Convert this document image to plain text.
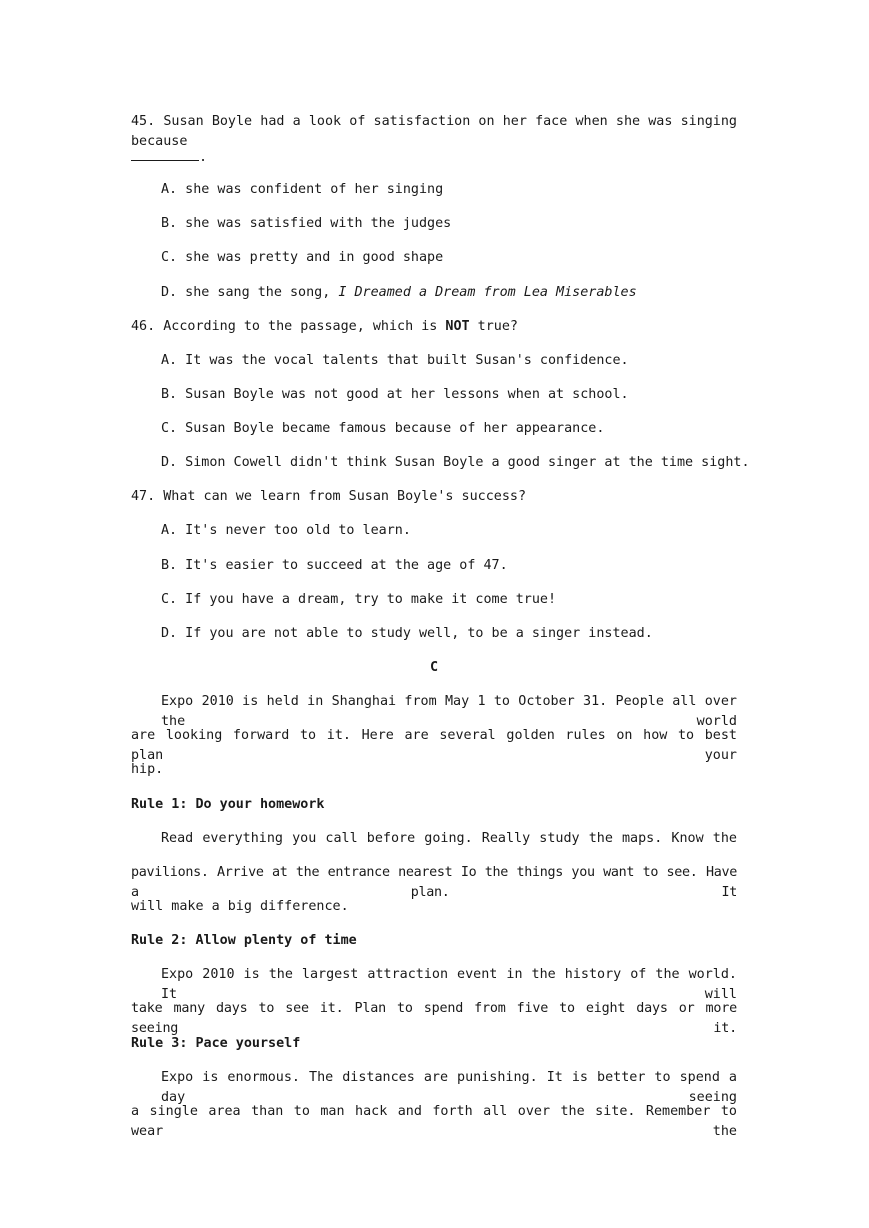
45. Susan Boyle had a look of satisfaction on her face when she was singing because
.
A. she was confident of her singing
B. she was satisfied with the judges
C. she was pretty and in good shape
D. she sang the song, I Dreamed a Dream from Lea Miserables
46. According to the passage, which is NOT true?
A. It was the vocal talents that built Susan's confidence.
B. Susan Boyle was not good at her lessons when at school.
C. Susan Boyle became famous because of her appearance.
D. Simon Cowell didn't think Susan Boyle a good singer at the time sight.
47. What can we learn from Susan Boyle's success?
A. It's never too old to learn.
B. It's easier to succeed at the age of 47.
C. If you have a dream, try to make it come true!
D. If you are not able to study well, to be a singer instead.
C
Expo 2010 is held in Shanghai from May 1 to October 31. People all over the world
are looking forward to it. Here are several golden rules on how to best plan your
hip.
Rule 1: Do your homework
Read everything you call before going. Really study the maps. Know the
pavilions. Arrive at the entrance nearest Io the things you want to see. Have a plan. It
will make a big difference.
Rule 2: Allow plenty of time
Expo 2010 is the largest attraction event in the history of the world. It will
take many days to see it. Plan to spend from five to eight days or more seeing it.
Rule 3: Pace yourself
Expo is enormous. The distances are punishing. It is better to spend a day seeing
a single area than to man hack and forth all over the site. Remember to wear the
